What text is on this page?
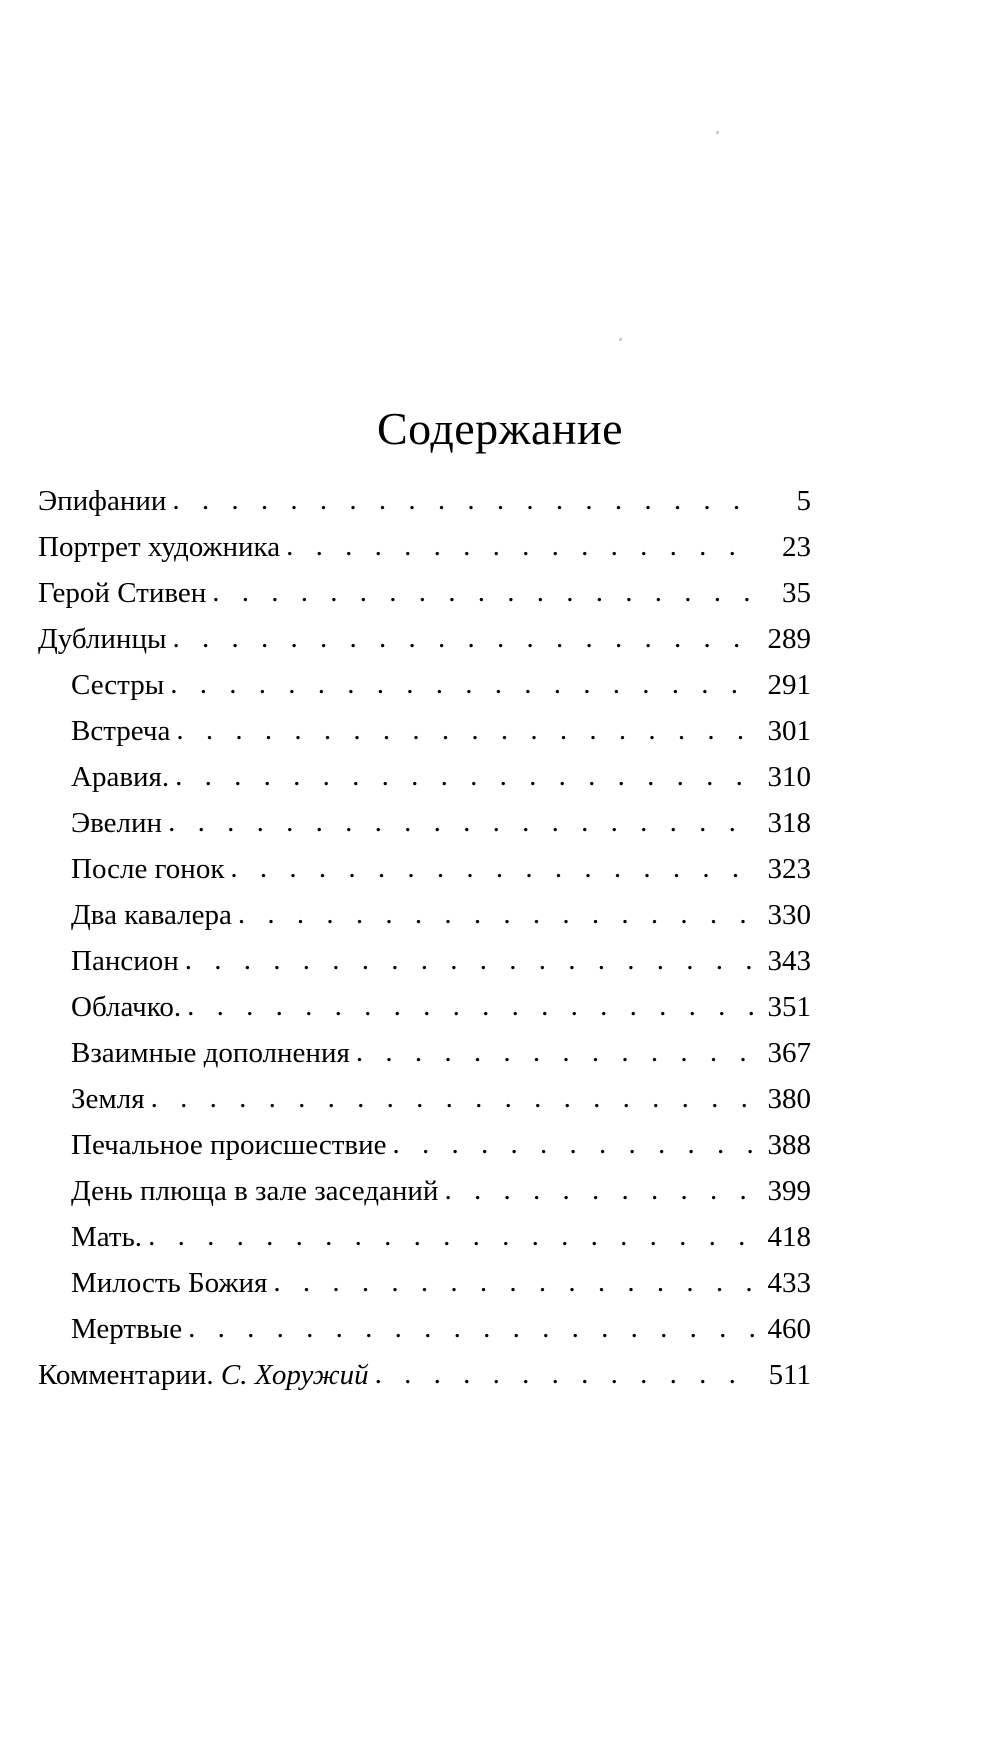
Содержание
Эпифании . . .	5
Портрет художника . . .	23
Герой Стивен . . .	35
Дублинцы . . .	289
Сестры . . .	291
Встреча . . .	301
Аравия. . . .	310
Эвелин . . .	318
После гонок . . .	323
Два кавалера . . .	330
Пансион . . .	343
Облачко. . . .	351
Взаимные дополнения . . .	367
Земля . . .	380
Печальное происшествие . . .	388
День плюща в зале заседаний . . .	399
Мать. . . .	418
Милость Божия . . .	433
Мертвые . . .	460
Комментарии. С. Хоружий . . .	511
